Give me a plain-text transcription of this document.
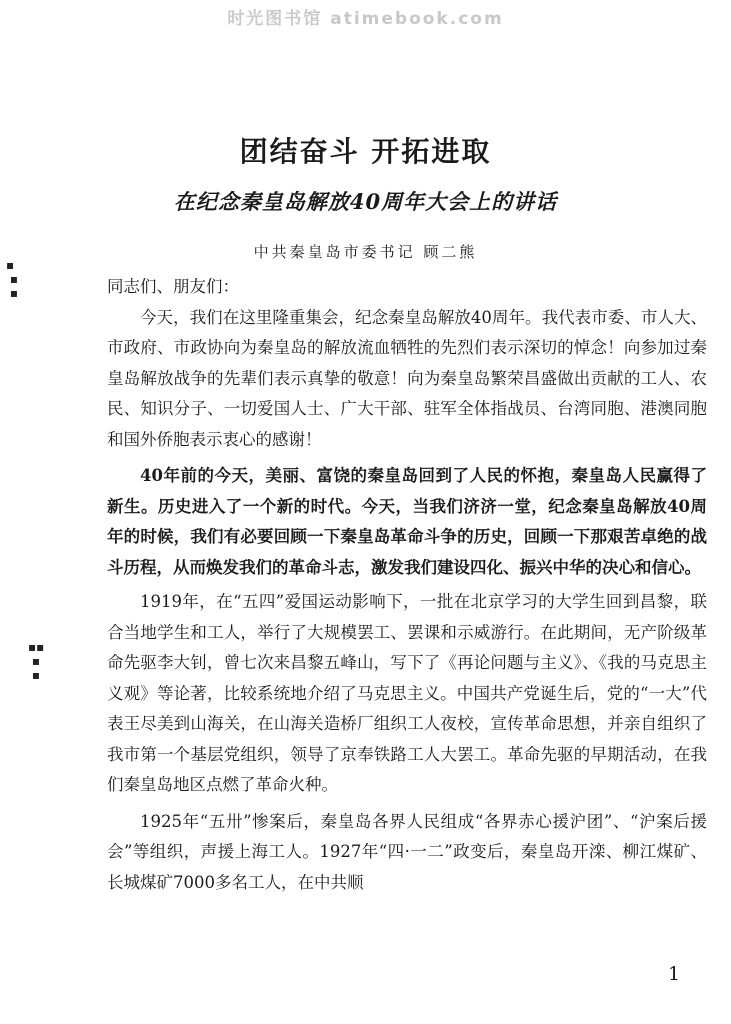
时光图书馆 atimebook.com
▪
▪
▪
▪▪
▪
▪
团结奋斗 开拓进取
在纪念秦皇岛解放40周年大会上的讲话
中共秦皇岛市委书记 顾二熊

同志们、朋友们：

今天，我们在这里隆重集会，纪念秦皇岛解放40周年。我代表市委、市人大、市政府、市政协向为秦皇岛的解放流血牺牲的先烈们表示深切的悼念！向参加过秦皇岛解放战争的先辈们表示真挚的敬意！向为秦皇岛繁荣昌盛做出贡献的工人、农民、知识分子、一切爱国人士、广大干部、驻军全体指战员、台湾同胞、港澳同胞和国外侨胞表示衷心的感谢！

40年前的今天，美丽、富饶的秦皇岛回到了人民的怀抱，秦皇岛人民赢得了新生。历史进入了一个新的时代。今天，当我们济济一堂，纪念秦皇岛解放40周年的时候，我们有必要回顾一下秦皇岛革命斗争的历史，回顾一下那艰苦卓绝的战斗历程，从而焕发我们的革命斗志，激发我们建设四化、振兴中华的决心和信心。

1919年，在“五四”爱国运动影响下，一批在北京学习的大学生回到昌黎，联合当地学生和工人，举行了大规模罢工、罢课和示威游行。在此期间，无产阶级革命先驱李大钊，曾七次来昌黎五峰山，写下了《再论问题与主义》、《我的马克思主义观》等论著，比较系统地介绍了马克思主义。中国共产党诞生后，党的“一大”代表王尽美到山海关，在山海关造桥厂组织工人夜校，宣传革命思想，并亲自组织了我市第一个基层党组织，领导了京奉铁路工人大罢工。革命先驱的早期活动，在我们秦皇岛地区点燃了革命火种。

1925年“五卅”惨案后，秦皇岛各界人民组成“各界赤心援沪团”、“沪案后援会”等组织，声援上海工人。1927年“四·一二”政变后，秦皇岛开滦、柳江煤矿、长城煤矿7000多名工人，在中共顺

1
